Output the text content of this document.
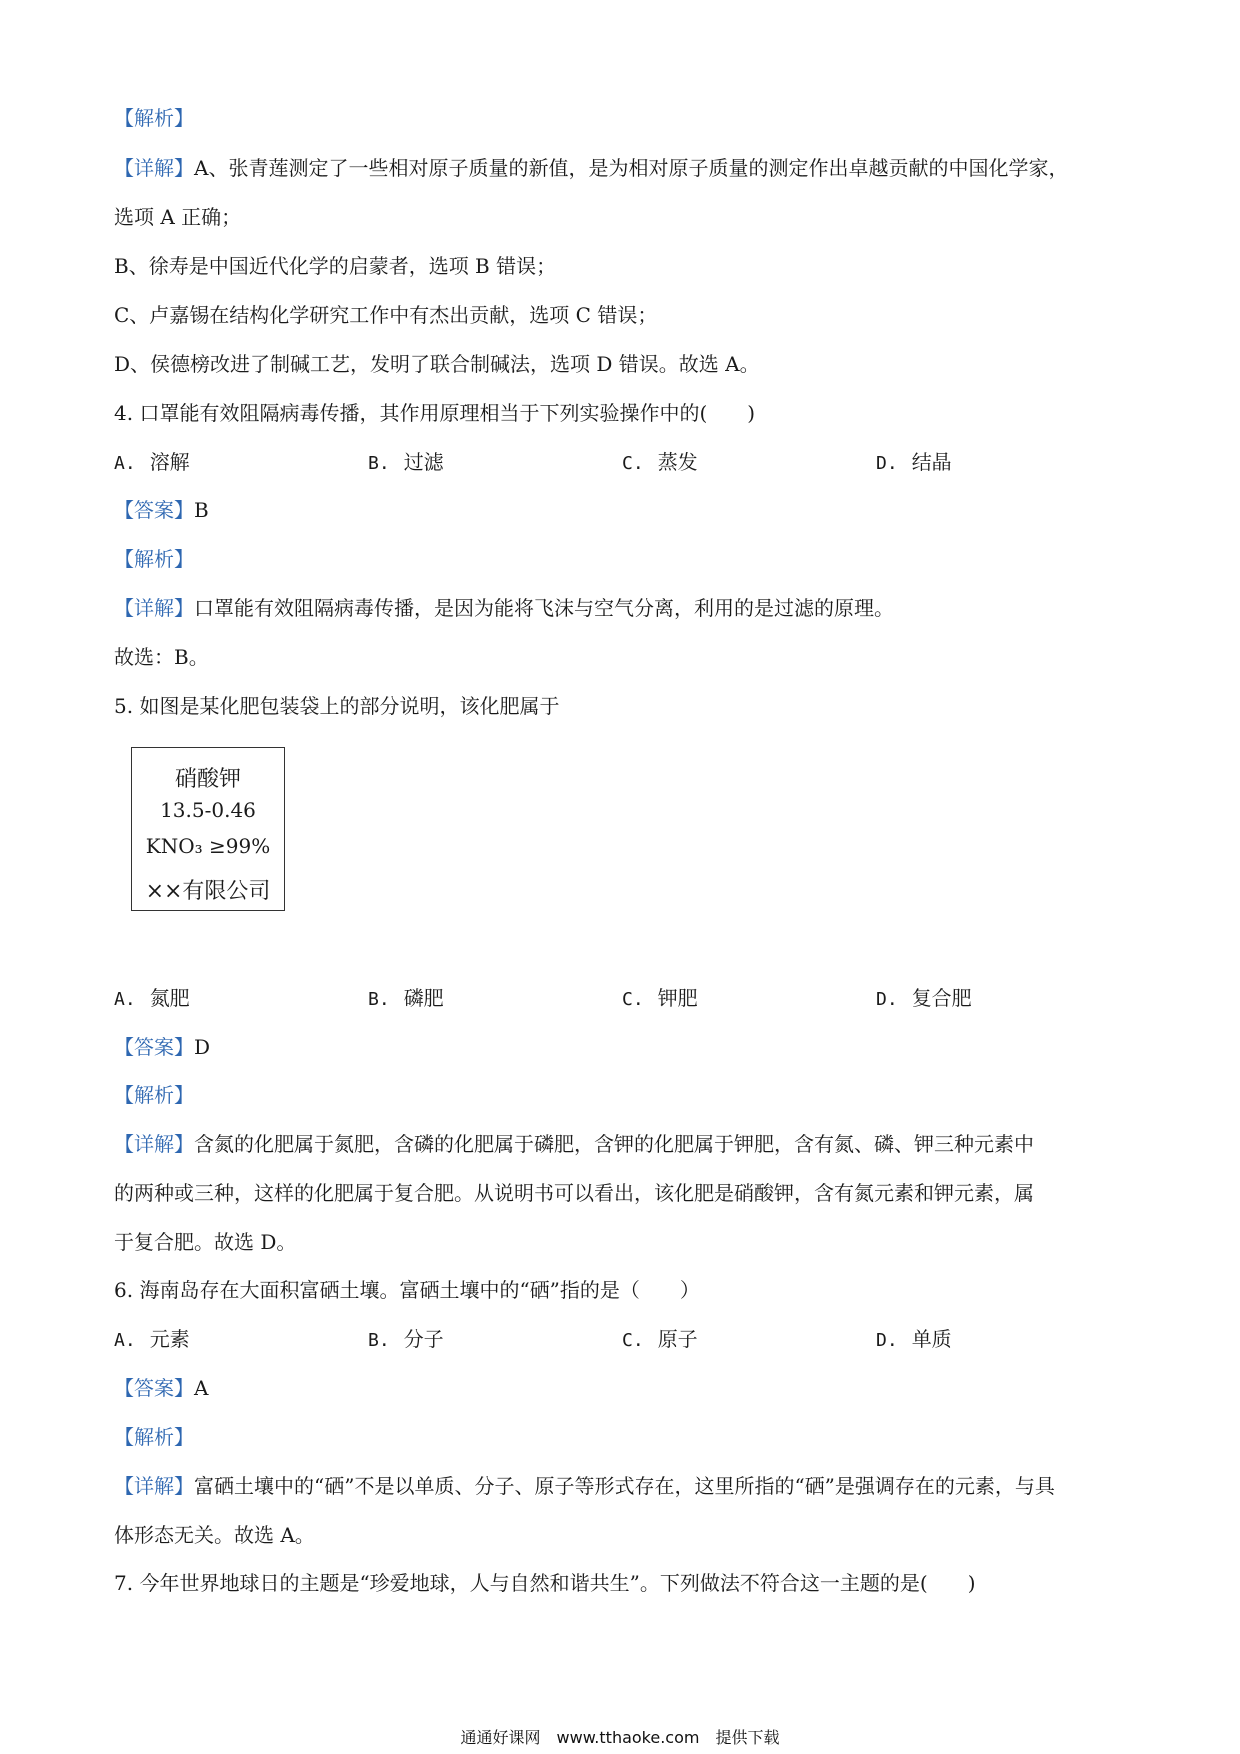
【解析】
【详解】A、张青莲测定了一些相对原子质量的新值，是为相对原子质量的测定作出卓越贡献的中国化学家，
选项 A 正确；
B、徐寿是中国近代化学的启蒙者，选项 B 错误；
C、卢嘉锡在结构化学研究工作中有杰出贡献，选项 C 错误；
D、侯德榜改进了制碱工艺，发明了联合制碱法，选项 D 错误。故选 A。
4. 口罩能有效阻隔病毒传播，其作用原理相当于下列实验操作中的(　　)
A. 溶解	B. 过滤	C. 蒸发	D. 结晶
【答案】B
【解析】
【详解】口罩能有效阻隔病毒传播，是因为能将飞沫与空气分离，利用的是过滤的原理。
故选：B。
5. 如图是某化肥包装袋上的部分说明，该化肥属于
硝酸钾
13.5-0.46
KNO₃ ≥99%
××有限公司
A. 氮肥	B. 磷肥	C. 钾肥	D. 复合肥
【答案】D
【解析】
【详解】含氮的化肥属于氮肥，含磷的化肥属于磷肥，含钾的化肥属于钾肥，含有氮、磷、钾三种元素中
的两种或三种，这样的化肥属于复合肥。从说明书可以看出，该化肥是硝酸钾，含有氮元素和钾元素，属
于复合肥。故选 D。
6. 海南岛存在大面积富硒土壤。富硒土壤中的“硒”指的是（　　）
A. 元素	B. 分子	C. 原子	D. 单质
【答案】A
【解析】
【详解】富硒土壤中的“硒”不是以单质、分子、原子等形式存在，这里所指的“硒”是强调存在的元素，与具
体形态无关。故选 A。
7. 今年世界地球日的主题是“珍爱地球，人与自然和谐共生”。下列做法不符合这一主题的是(　　)
通通好课网　www.tthaoke.com　提供下载
